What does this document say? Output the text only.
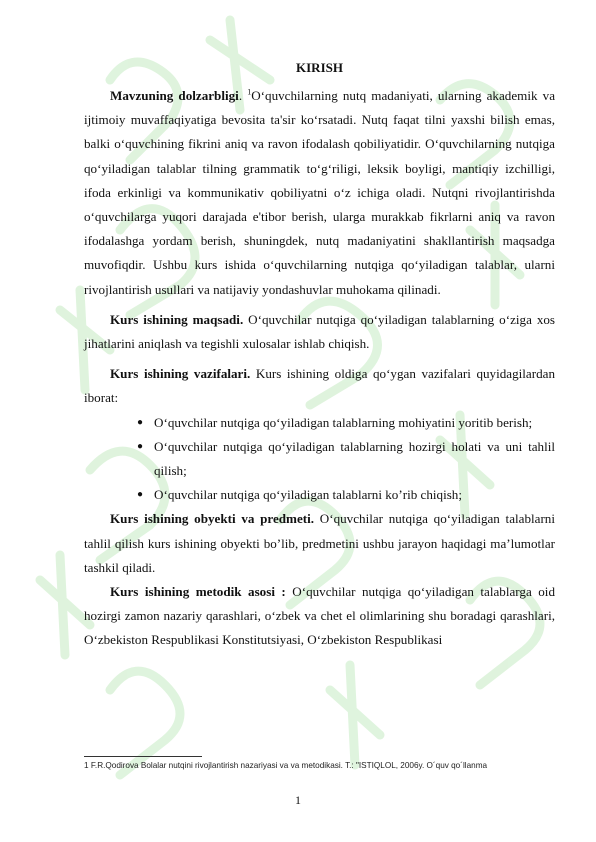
KIRISH

Mavzuning dolzarbligi. $^1$O‘quvchilarning nutq madaniyati, ularning akademik va ijtimoiy muvaffaqiyatiga bevosita ta'sir ko‘rsatadi. Nutq faqat tilni yaxshi bilish emas, balki o‘quvchining fikrini aniq va ravon ifodalash qobiliyatidir. O‘quvchilarning nutqiga qo‘yiladigan talablar tilning grammatik to‘g‘riligi, leksik boyligi, mantiqiy izchilligi, ifoda erkinligi va kommunikativ qobiliyatni o‘z ichiga oladi. Nutqni rivojlantirishda o‘quvchilarga yuqori darajada e'tibor berish, ularga murakkab fikrlarni aniq va ravon ifodalashga yordam berish, shuningdek, nutq madaniyatini shakllantirish maqsadga muvofiqdir. Ushbu kurs ishida o‘quvchilarning nutqiga qo‘yiladigan talablar, ularni rivojlantirish usullari va natijaviy yondashuvlar muhokama qilinadi.

Kurs ishining maqsadi. O‘quvchilar nutqiga qo‘yiladigan talablarning o‘ziga xos jihatlarini aniqlash va tegishli xulosalar ishlab chiqish.

Kurs ishining vazifalari. Kurs ishining oldiga qo‘ygan vazifalari quyidagilardan iborat:

● O‘quvchilar nutqiga qo‘yiladigan talablarning mohiyatini yoritib berish;
● O‘quvchilar nutqiga qo‘yiladigan talablarning hozirgi holati va uni tahlil qilish;
● O‘quvchilar nutqiga qo‘yiladigan talablarni ko’rib chiqish;

Kurs ishining obyekti va predmeti. O‘quvchilar nutqiga qo‘yiladigan talablarni tahlil qilish kurs ishining obyekti bo’lib, predmetini ushbu jarayon haqidagi ma’lumotlar tashkil qiladi.

Kurs ishining metodik asosi : O‘quvchilar nutqiga qo‘yiladigan talablarga oid hozirgi zamon nazariy qarashlari, o‘zbek va chet el olimlarining shu boradagi qarashlari, O‘zbekiston Respublikasi Konstitutsiyasi, O‘zbekiston Respublikasi

1 F.R.Qodirova Bolalar nutqini rivojlantirish nazariyasi va va metodikasi. T.: "ISTIQLOL, 2006y. O´quv qo´llanma
1
